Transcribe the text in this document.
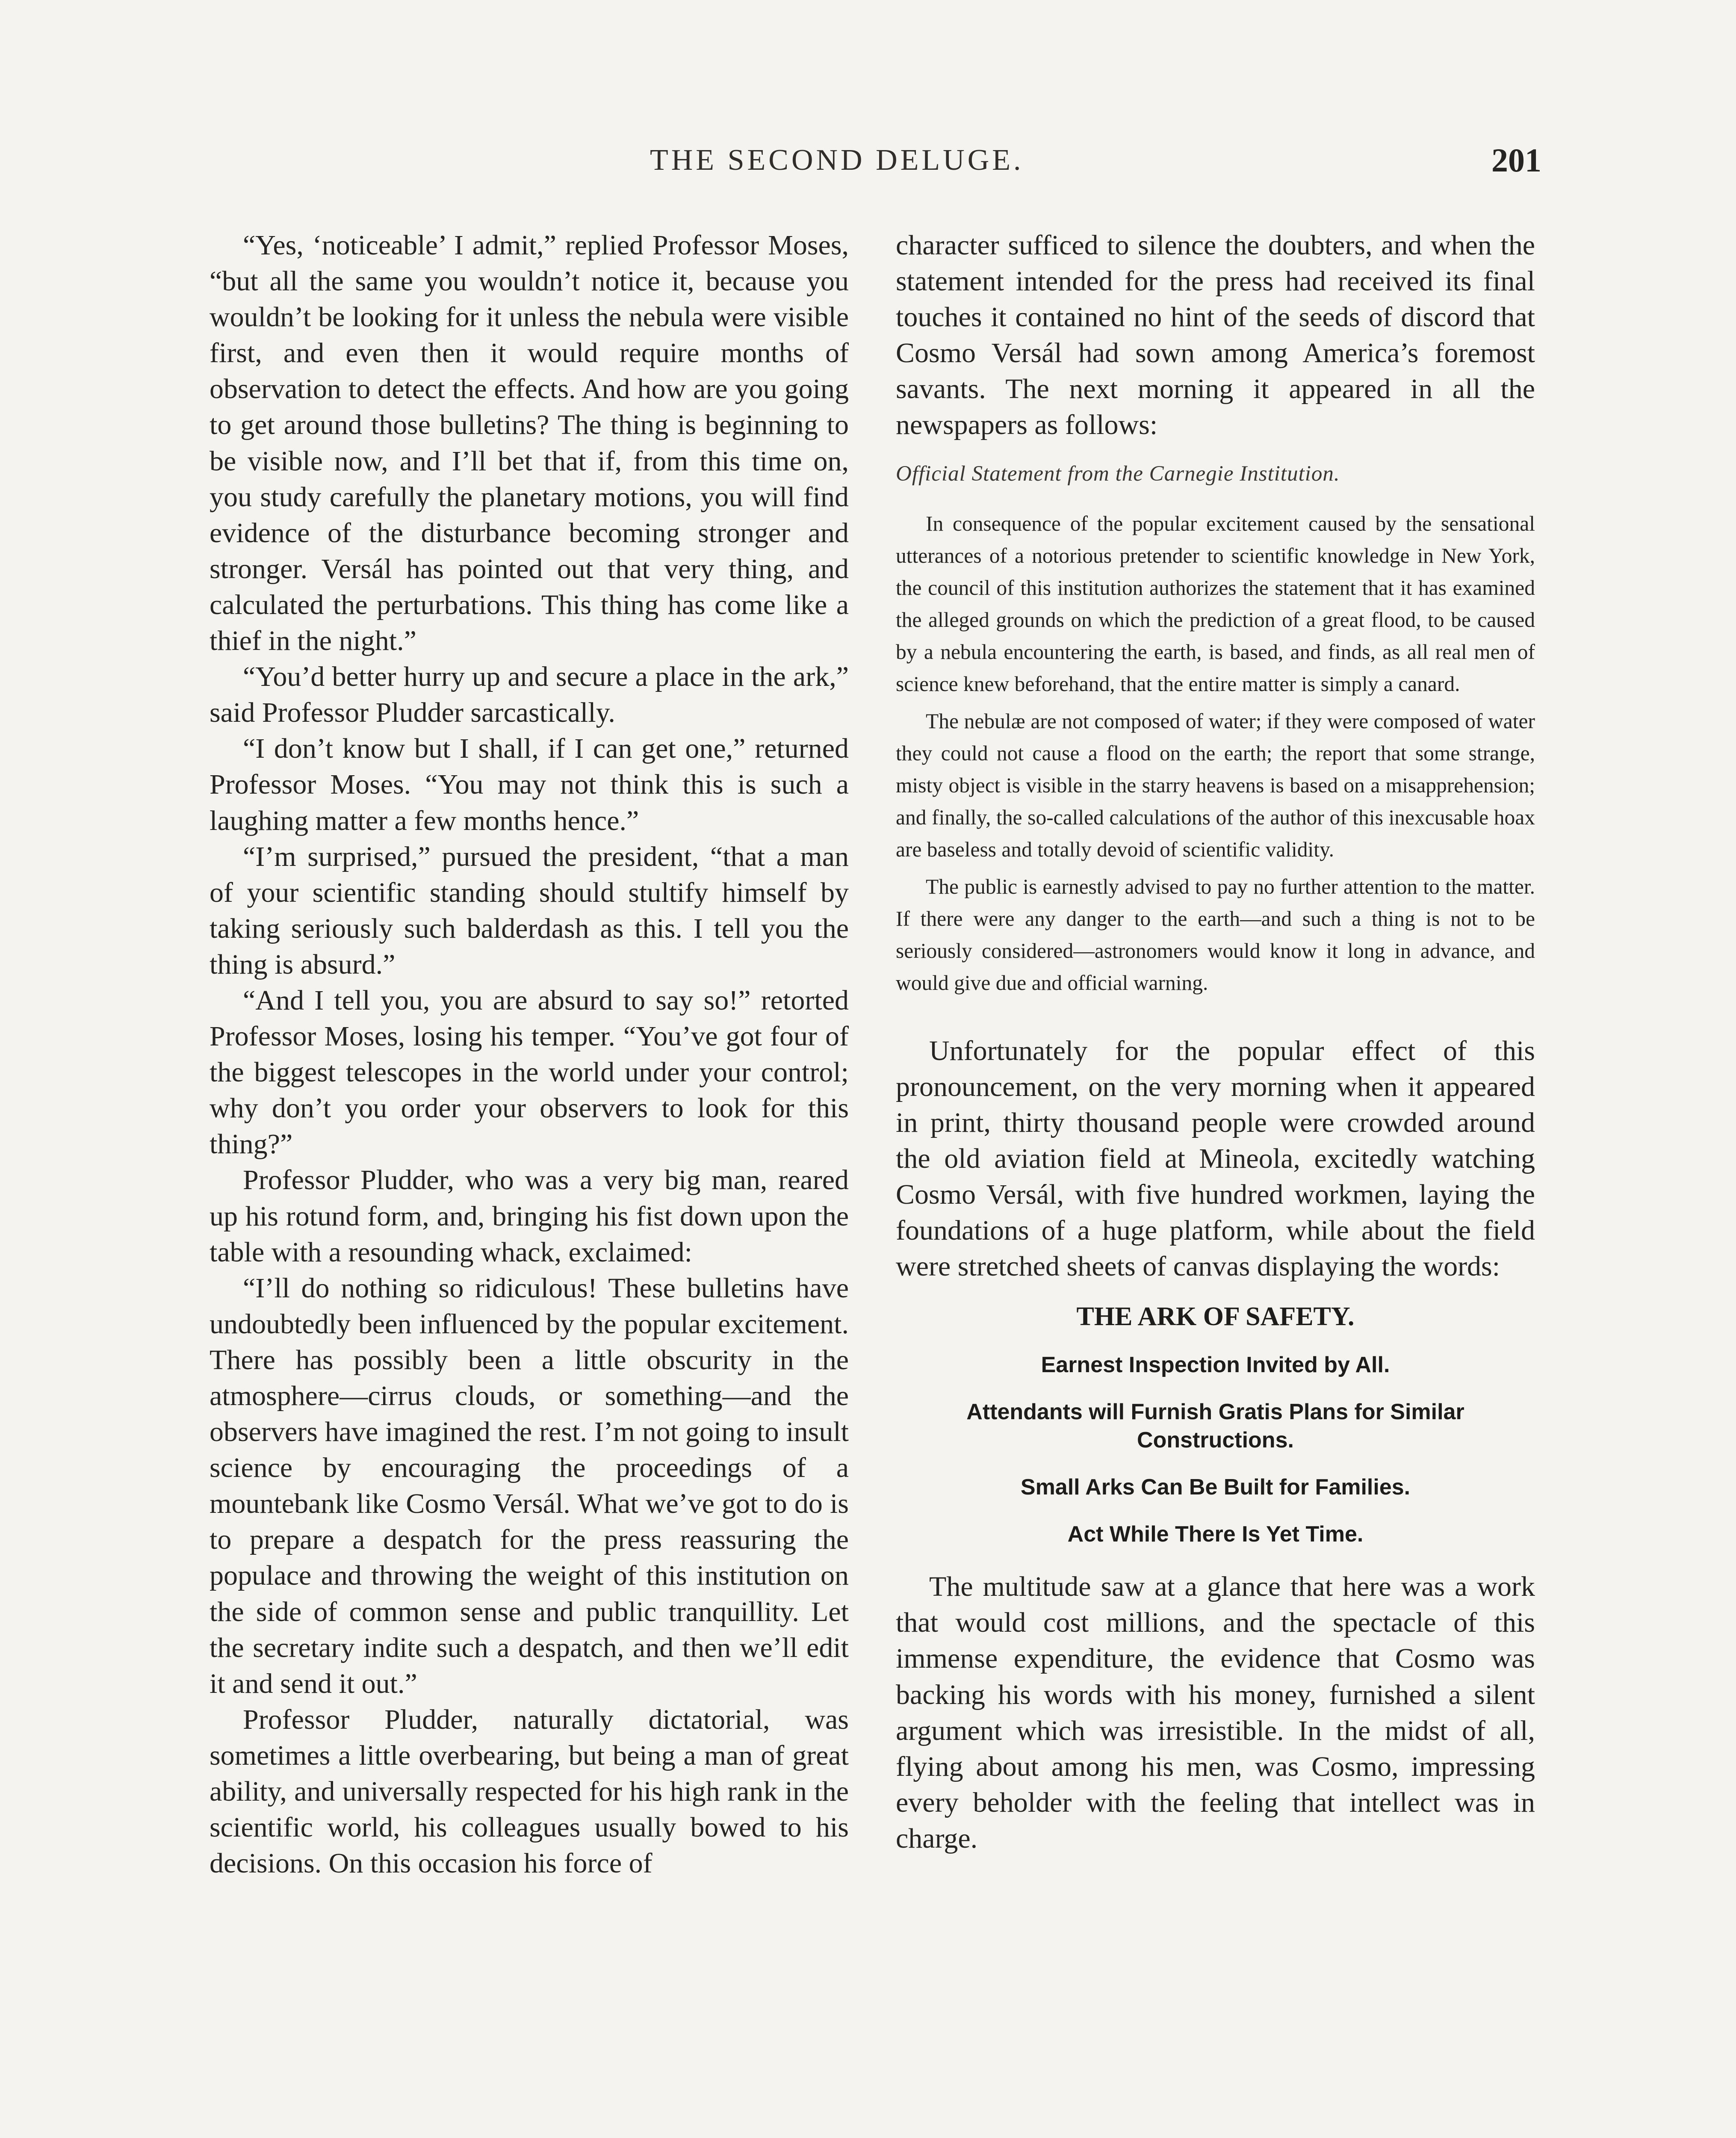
THE SECOND DELUGE.	201

“Yes, ‘noticeable’ I admit,” replied Professor Moses, “but all the same you wouldn’t notice it, because you wouldn’t be looking for it unless the nebula were visible first, and even then it would require months of observation to detect the effects. And how are you going to get around those bulletins? The thing is beginning to be visible now, and I’ll bet that if, from this time on, you study carefully the planetary motions, you will find evidence of the disturbance becoming stronger and stronger. Versál has pointed out that very thing, and calculated the perturbations. This thing has come like a thief in the night.”

“You’d better hurry up and secure a place in the ark,” said Professor Pludder sarcastically.

“I don’t know but I shall, if I can get one,” returned Professor Moses. “You may not think this is such a laughing matter a few months hence.”

“I’m surprised,” pursued the president, “that a man of your scientific standing should stultify himself by taking seriously such balderdash as this. I tell you the thing is absurd.”

“And I tell you, you are absurd to say so!” retorted Professor Moses, losing his temper. “You’ve got four of the biggest telescopes in the world under your control; why don’t you order your observers to look for this thing?”

Professor Pludder, who was a very big man, reared up his rotund form, and, bringing his fist down upon the table with a resounding whack, exclaimed:

“I’ll do nothing so ridiculous! These bulletins have undoubtedly been influenced by the popular excitement. There has possibly been a little obscurity in the atmosphere—cirrus clouds, or something—and the observers have imagined the rest. I’m not going to insult science by encouraging the proceedings of a mountebank like Cosmo Versál. What we’ve got to do is to prepare a despatch for the press reassuring the populace and throwing the weight of this institution on the side of common sense and public tranquillity. Let the secretary indite such a despatch, and then we’ll edit it and send it out.”

Professor Pludder, naturally dictatorial, was sometimes a little overbearing, but being a man of great ability, and universally respected for his high rank in the scientific world, his colleagues usually bowed to his decisions. On this occasion his force of

character sufficed to silence the doubters, and when the statement intended for the press had received its final touches it contained no hint of the seeds of discord that Cosmo Versál had sown among America’s foremost savants. The next morning it appeared in all the newspapers as follows:

Official Statement from the Carnegie Institution.

In consequence of the popular excitement caused by the sensational utterances of a notorious pretender to scientific knowledge in New York, the council of this institution authorizes the statement that it has examined the alleged grounds on which the prediction of a great flood, to be caused by a nebula encountering the earth, is based, and finds, as all real men of science knew beforehand, that the entire matter is simply a canard.

The nebulæ are not composed of water; if they were composed of water they could not cause a flood on the earth; the report that some strange, misty object is visible in the starry heavens is based on a misapprehension; and finally, the so-called calculations of the author of this inexcusable hoax are baseless and totally devoid of scientific validity.

The public is earnestly advised to pay no further attention to the matter. If there were any danger to the earth—and such a thing is not to be seriously considered—astronomers would know it long in advance, and would give due and official warning.

Unfortunately for the popular effect of this pronouncement, on the very morning when it appeared in print, thirty thousand people were crowded around the old aviation field at Mineola, excitedly watching Cosmo Versál, with five hundred workmen, laying the foundations of a huge platform, while about the field were stretched sheets of canvas displaying the words:

THE ARK OF SAFETY.

Earnest Inspection Invited by All.

Attendants will Furnish Gratis Plans for Similar Constructions.

Small Arks Can Be Built for Families.

Act While There Is Yet Time.

The multitude saw at a glance that here was a work that would cost millions, and the spectacle of this immense expenditure, the evidence that Cosmo was backing his words with his money, furnished a silent argument which was irresistible. In the midst of all, flying about among his men, was Cosmo, impressing every beholder with the feeling that intellect was in charge.
